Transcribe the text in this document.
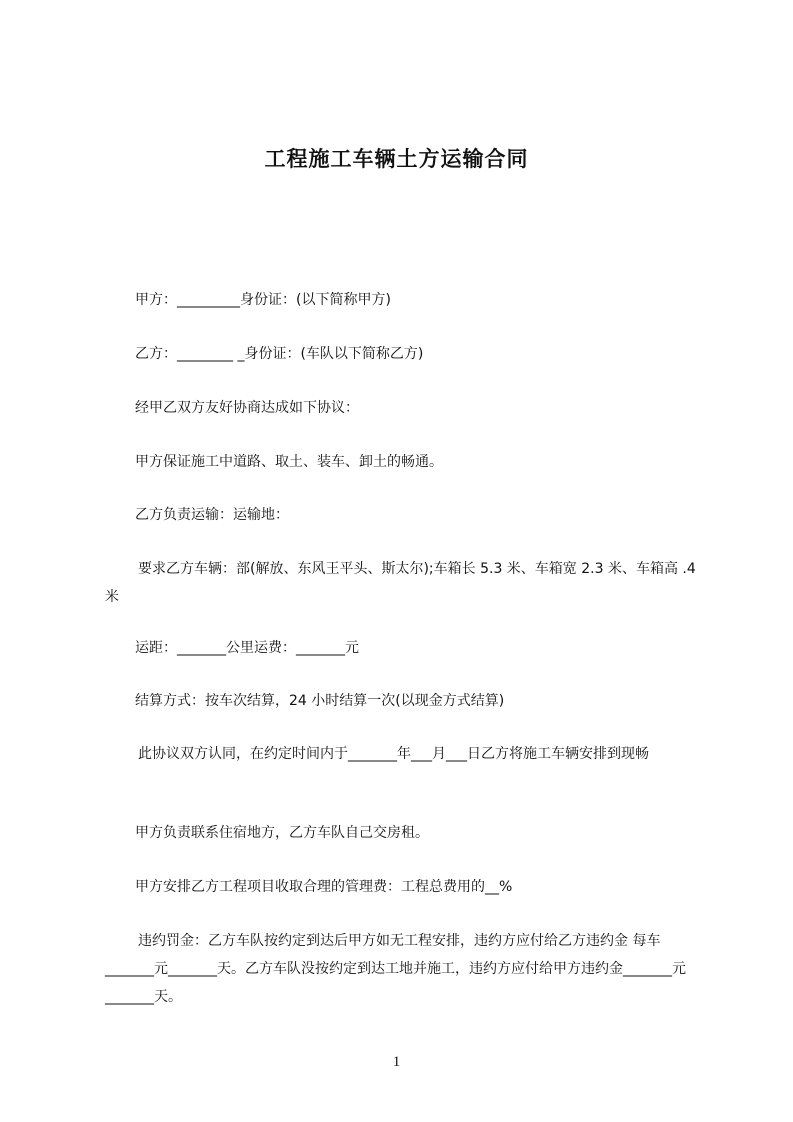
工程施工车辆土方运输合同

甲方：_________身份证：(以下简称甲方)

乙方：________ _身份证：(车队以下简称乙方)

经甲乙双方友好协商达成如下协议：

甲方保证施工中道路、取土、装车、卸土的畅通。

乙方负责运输：运输地：

要求乙方车辆：部(解放、东风王平头、斯太尔);车箱长 5.3 米、车箱宽 2.3 米、车箱高 .4 米

运距：_______公里运费：_______元

结算方式：按车次结算，24 小时结算一次(以现金方式结算)

此协议双方认同，在约定时间内于_______年___月___日乙方将施工车辆安排到现畅

甲方负责联系住宿地方，乙方车队自己交房租。

甲方安排乙方工程项目收取合理的管理费：工程总费用的__%

违约罚金：乙方车队按约定到达后甲方如无工程安排，违约方应付给乙方违约金 每车_______元_______天。乙方车队没按约定到达工地并施工，违约方应付给甲方违约金_______元_______天。

1
